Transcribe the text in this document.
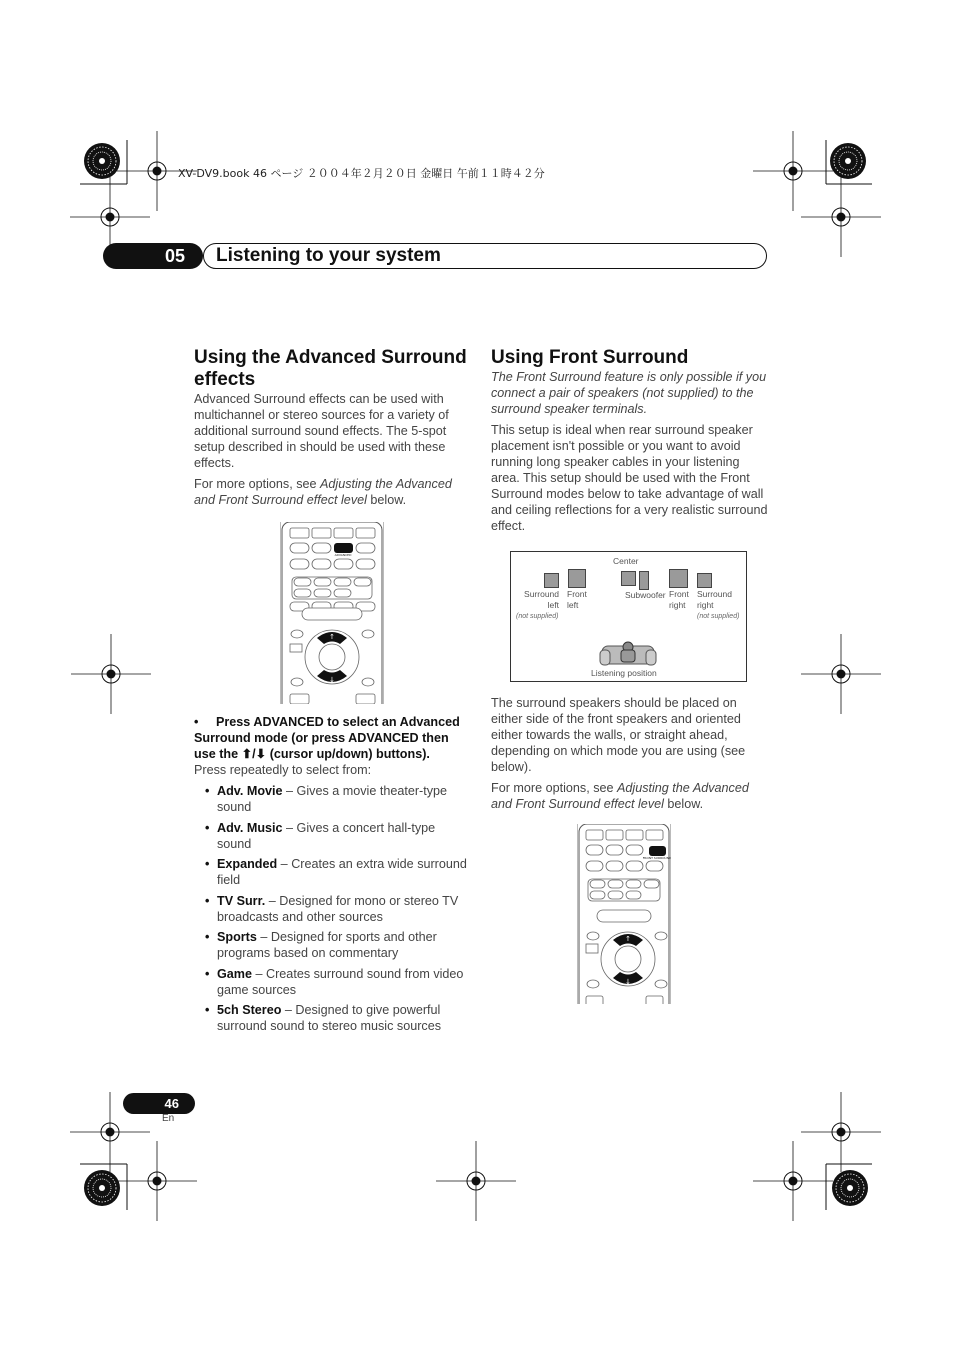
XV-DV9.book 46 ページ ２００４年２月２０日 金曜日 午前１１時４２分
05	Listening to your system
Using the Advanced Surround effects

Advanced Surround effects can be used with multichannel or stereo sources for a variety of additional surround sound effects. The 5-spot setup described in should be used with these effects.

For more options, see Adjusting the Advanced and Front Surround effect level below.

ADVANCED
↑
↓

• Press ADVANCED to select an Advanced Surround mode (or press ADVANCED then use the ⬆/⬇ (cursor up/down) buttons).

Press repeatedly to select from:

• Adv. Movie – Gives a movie theater-type sound
• Adv. Music – Gives a concert hall-type sound
• Expanded – Creates an extra wide surround field
• TV Surr. – Designed for mono or stereo TV broadcasts and other sources
• Sports – Designed for sports and other programs based on commentary
• Game – Creates surround sound from video game sources
• 5ch Stereo – Designed to give powerful surround sound to stereo music sources
Using Front Surround

The Front Surround feature is only possible if you connect a pair of speakers (not supplied) to the surround speaker terminals.

This setup is ideal when rear surround speaker placement isn't possible or you want to avoid running long speaker cables in your listening area. This setup should be used with the Front Surround modes below to take advantage of wall and ceiling reflections for a very realistic surround effect.

Center
Surround
left
Front
left
Subwoofer Front
right
Surround
right
(not supplied)	(not supplied)
Listening position

The surround speakers should be placed on either side of the front speakers and oriented either towards the walls, or straight ahead, depending on which mode you are using (see below).

For more options, see Adjusting the Advanced and Front Surround effect level below.

FRONT SURROUND
↑
↓
46
En
